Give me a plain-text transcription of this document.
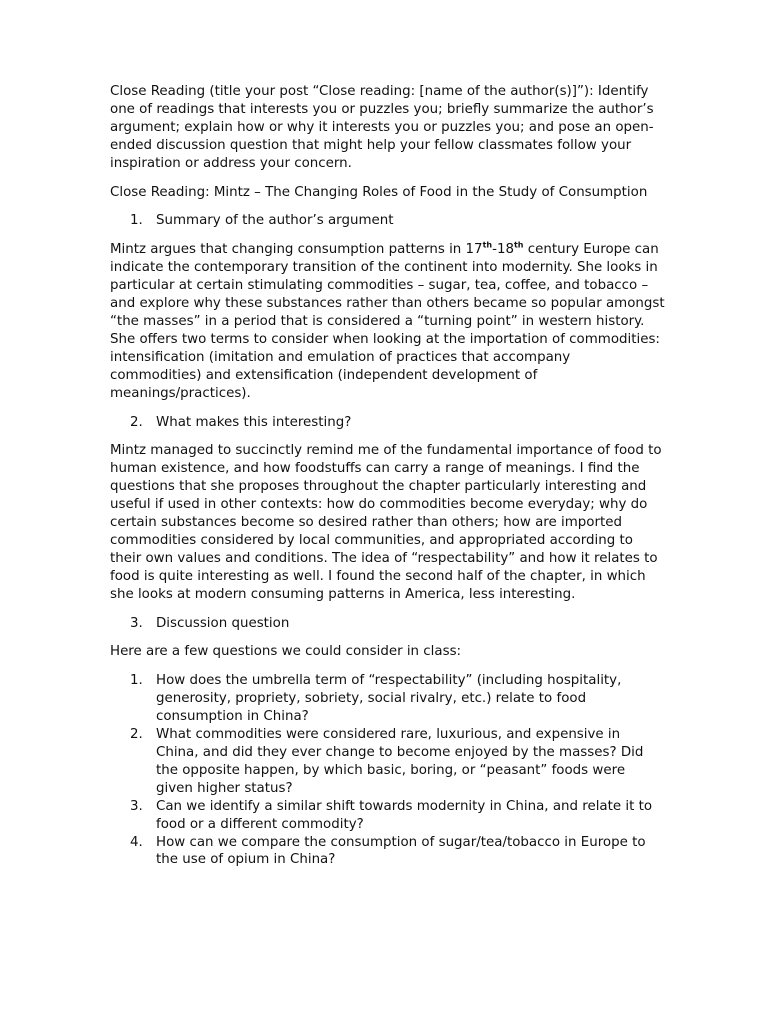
Close Reading (title your post “Close reading: [name of the author(s)]”): Identify one of readings that interests you or puzzles you; briefly summarize the author’s argument; explain how or why it interests you or puzzles you; and pose an open-ended discussion question that might help your fellow classmates follow your inspiration or address your concern.

Close Reading: Mintz – The Changing Roles of Food in the Study of Consumption

1. Summary of the author’s argument

Mintz argues that changing consumption patterns in 17th-18th century Europe can indicate the contemporary transition of the continent into modernity. She looks in particular at certain stimulating commodities – sugar, tea, coffee, and tobacco – and explore why these substances rather than others became so popular amongst “the masses” in a period that is considered a “turning point” in western history. She offers two terms to consider when looking at the importation of commodities: intensification (imitation and emulation of practices that accompany commodities) and extensification (independent development of meanings/practices).

2. What makes this interesting?

Mintz managed to succinctly remind me of the fundamental importance of food to human existence, and how foodstuffs can carry a range of meanings. I find the questions that she proposes throughout the chapter particularly interesting and useful if used in other contexts: how do commodities become everyday; why do certain substances become so desired rather than others; how are imported commodities considered by local communities, and appropriated according to their own values and conditions. The idea of “respectability” and how it relates to food is quite interesting as well. I found the second half of the chapter, in which she looks at modern consuming patterns in America, less interesting.

3. Discussion question

Here are a few questions we could consider in class:

1. How does the umbrella term of “respectability” (including hospitality, generosity, propriety, sobriety, social rivalry, etc.) relate to food consumption in China?
2. What commodities were considered rare, luxurious, and expensive in China, and did they ever change to become enjoyed by the masses? Did the opposite happen, by which basic, boring, or “peasant” foods were given higher status?
3. Can we identify a similar shift towards modernity in China, and relate it to food or a different commodity?
4. How can we compare the consumption of sugar/tea/tobacco in Europe to the use of opium in China?
